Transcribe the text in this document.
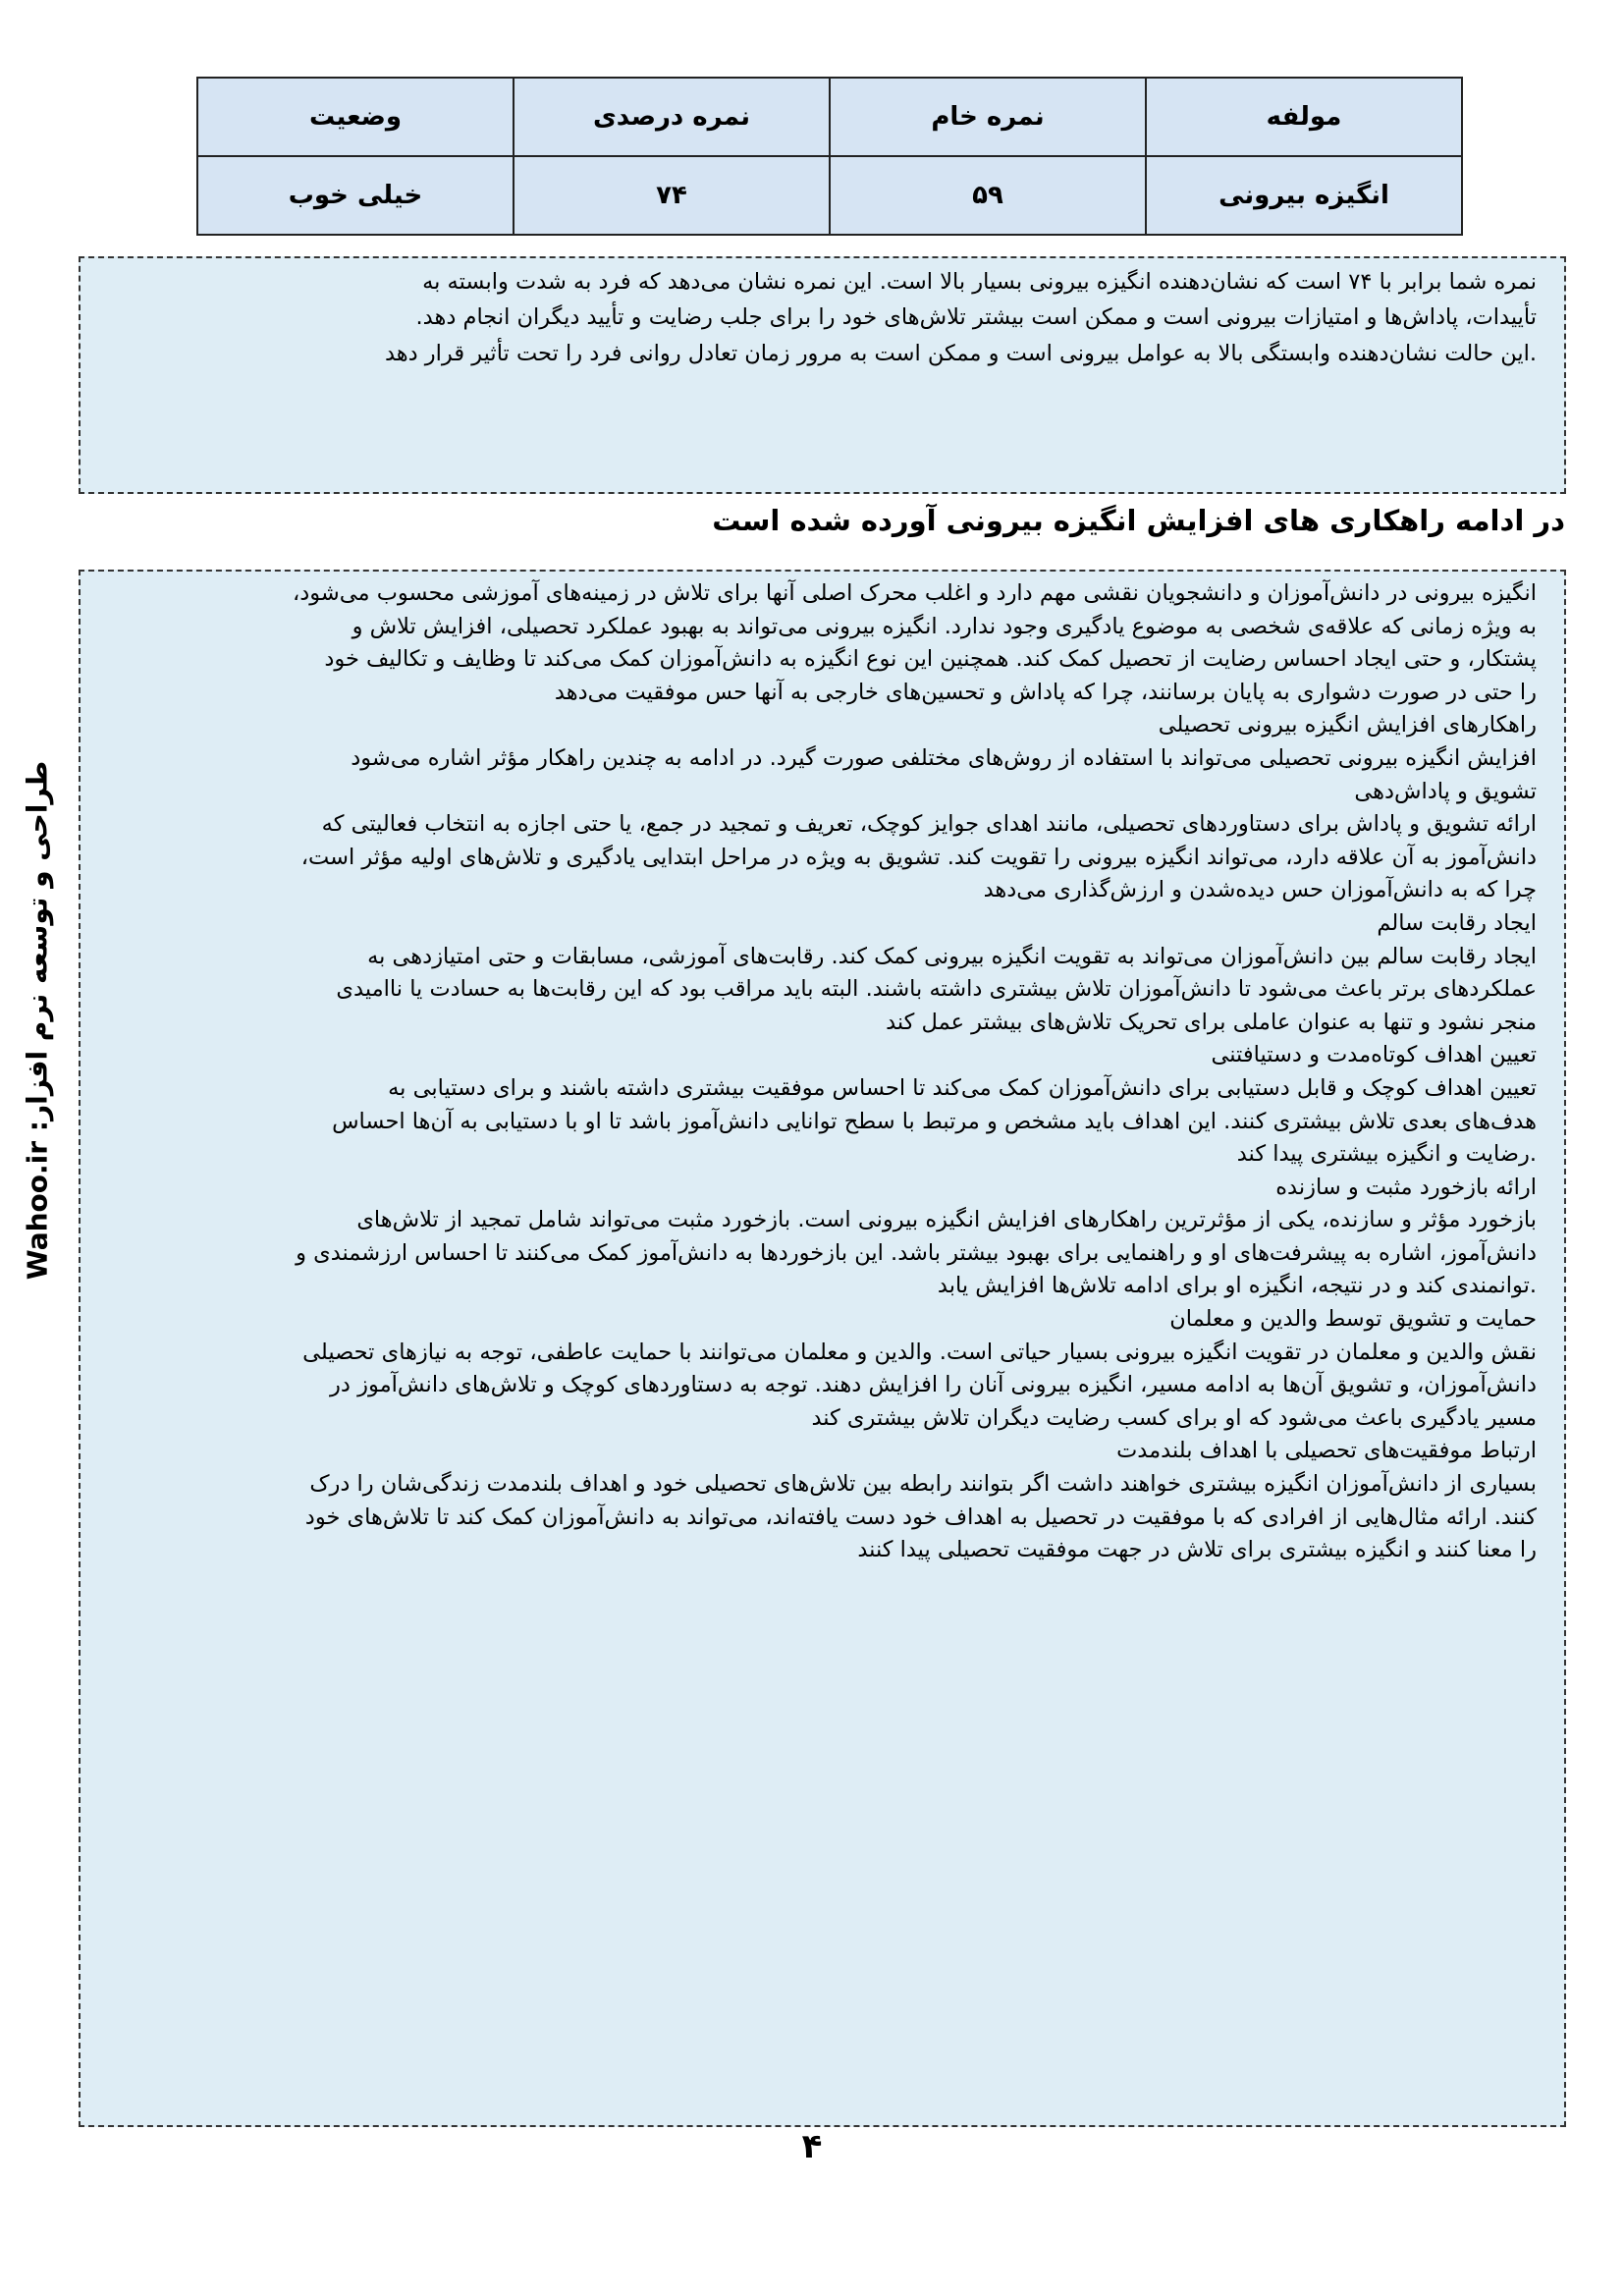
مولفه	نمره خام	نمره درصدی	وضعیت
انگیزه بیرونی	۵۹	۷۴	خیلی خوب
نمره شما برابر با ۷۴ است که نشان‌دهنده انگیزه بیرونی بسیار بالا است. این نمره نشان می‌دهد که فرد به شدت وابسته به
تأییدات، پاداش‌ها و امتیازات بیرونی است و ممکن است بیشتر تلاش‌های خود را برای جلب رضایت و تأیید دیگران انجام دهد.
.این حالت نشان‌دهنده وابستگی بالا به عوامل بیرونی است و ممکن است به مرور زمان تعادل روانی فرد را تحت تأثیر قرار دهد
در ادامه راهکاری های افزایش انگیزه بیرونی آورده شده است
انگیزه بیرونی در دانش‌آموزان و دانشجویان نقشی مهم دارد و اغلب محرک اصلی آنها برای تلاش در زمینه‌های آموزشی محسوب می‌شود،
به ویژه زمانی که علاقه‌ی شخصی به موضوع یادگیری وجود ندارد. انگیزه بیرونی می‌تواند به بهبود عملکرد تحصیلی، افزایش تلاش و
پشتکار، و حتی ایجاد احساس رضایت از تحصیل کمک کند. همچنین این نوع انگیزه به دانش‌آموزان کمک می‌کند تا وظایف و تکالیف خود
را حتی در صورت دشواری به پایان برسانند، چرا که پاداش و تحسین‌های خارجی به آنها حس موفقیت می‌دهد
راهکارهای افزایش انگیزه بیرونی تحصیلی
افزایش انگیزه بیرونی تحصیلی می‌تواند با استفاده از روش‌های مختلفی صورت گیرد. در ادامه به چندین راهکار مؤثر اشاره می‌شود
تشویق و پاداش‌دهی
ارائه تشویق و پاداش برای دستاوردهای تحصیلی، مانند اهدای جوایز کوچک، تعریف و تمجید در جمع، یا حتی اجازه به انتخاب فعالیتی که
دانش‌آموز به آن علاقه دارد، می‌تواند انگیزه بیرونی را تقویت کند. تشویق به ویژه در مراحل ابتدایی یادگیری و تلاش‌های اولیه مؤثر است،
چرا که به دانش‌آموزان حس دیده‌شدن و ارزش‌گذاری می‌دهد
ایجاد رقابت سالم
ایجاد رقابت سالم بین دانش‌آموزان می‌تواند به تقویت انگیزه بیرونی کمک کند. رقابت‌های آموزشی، مسابقات و حتی امتیازدهی به
عملکردهای برتر باعث می‌شود تا دانش‌آموزان تلاش بیشتری داشته باشند. البته باید مراقب بود که این رقابت‌ها به حسادت یا ناامیدی
منجر نشود و تنها به عنوان عاملی برای تحریک تلاش‌های بیشتر عمل کند
تعیین اهداف کوتاه‌مدت و دستیافتنی
تعیین اهداف کوچک و قابل دستیابی برای دانش‌آموزان کمک می‌کند تا احساس موفقیت بیشتری داشته باشند و برای دستیابی به
هدف‌های بعدی تلاش بیشتری کنند. این اهداف باید مشخص و مرتبط با سطح توانایی دانش‌آموز باشد تا او با دستیابی به آن‌ها احساس
.رضایت و انگیزه بیشتری پیدا کند
ارائه بازخورد مثبت و سازنده
بازخورد مؤثر و سازنده، یکی از مؤثرترین راهکارهای افزایش انگیزه بیرونی است. بازخورد مثبت می‌تواند شامل تمجید از تلاش‌های
دانش‌آموز، اشاره به پیشرفت‌های او و راهنمایی برای بهبود بیشتر باشد. این بازخوردها به دانش‌آموز کمک می‌کنند تا احساس ارزشمندی و
.توانمندی کند و در نتیجه، انگیزه او برای ادامه تلاش‌ها افزایش یابد
حمایت و تشویق توسط والدین و معلمان
نقش والدین و معلمان در تقویت انگیزه بیرونی بسیار حیاتی است. والدین و معلمان می‌توانند با حمایت عاطفی، توجه به نیازهای تحصیلی
دانش‌آموزان، و تشویق آن‌ها به ادامه مسیر، انگیزه بیرونی آنان را افزایش دهند. توجه به دستاوردهای کوچک و تلاش‌های دانش‌آموز در
مسیر یادگیری باعث می‌شود که او برای کسب رضایت دیگران تلاش بیشتری کند
ارتباط موفقیت‌های تحصیلی با اهداف بلندمدت
بسیاری از دانش‌آموزان انگیزه بیشتری خواهند داشت اگر بتوانند رابطه بین تلاش‌های تحصیلی خود و اهداف بلندمدت زندگی‌شان را درک
کنند. ارائه مثال‌هایی از افرادی که با موفقیت در تحصیل به اهداف خود دست یافته‌اند، می‌تواند به دانش‌آموزان کمک کند تا تلاش‌های خود
را معنا کنند و انگیزه بیشتری برای تلاش در جهت موفقیت تحصیلی پیدا کنند
طراحی و توسعه نرم افزار: Wahoo.ir
۴
